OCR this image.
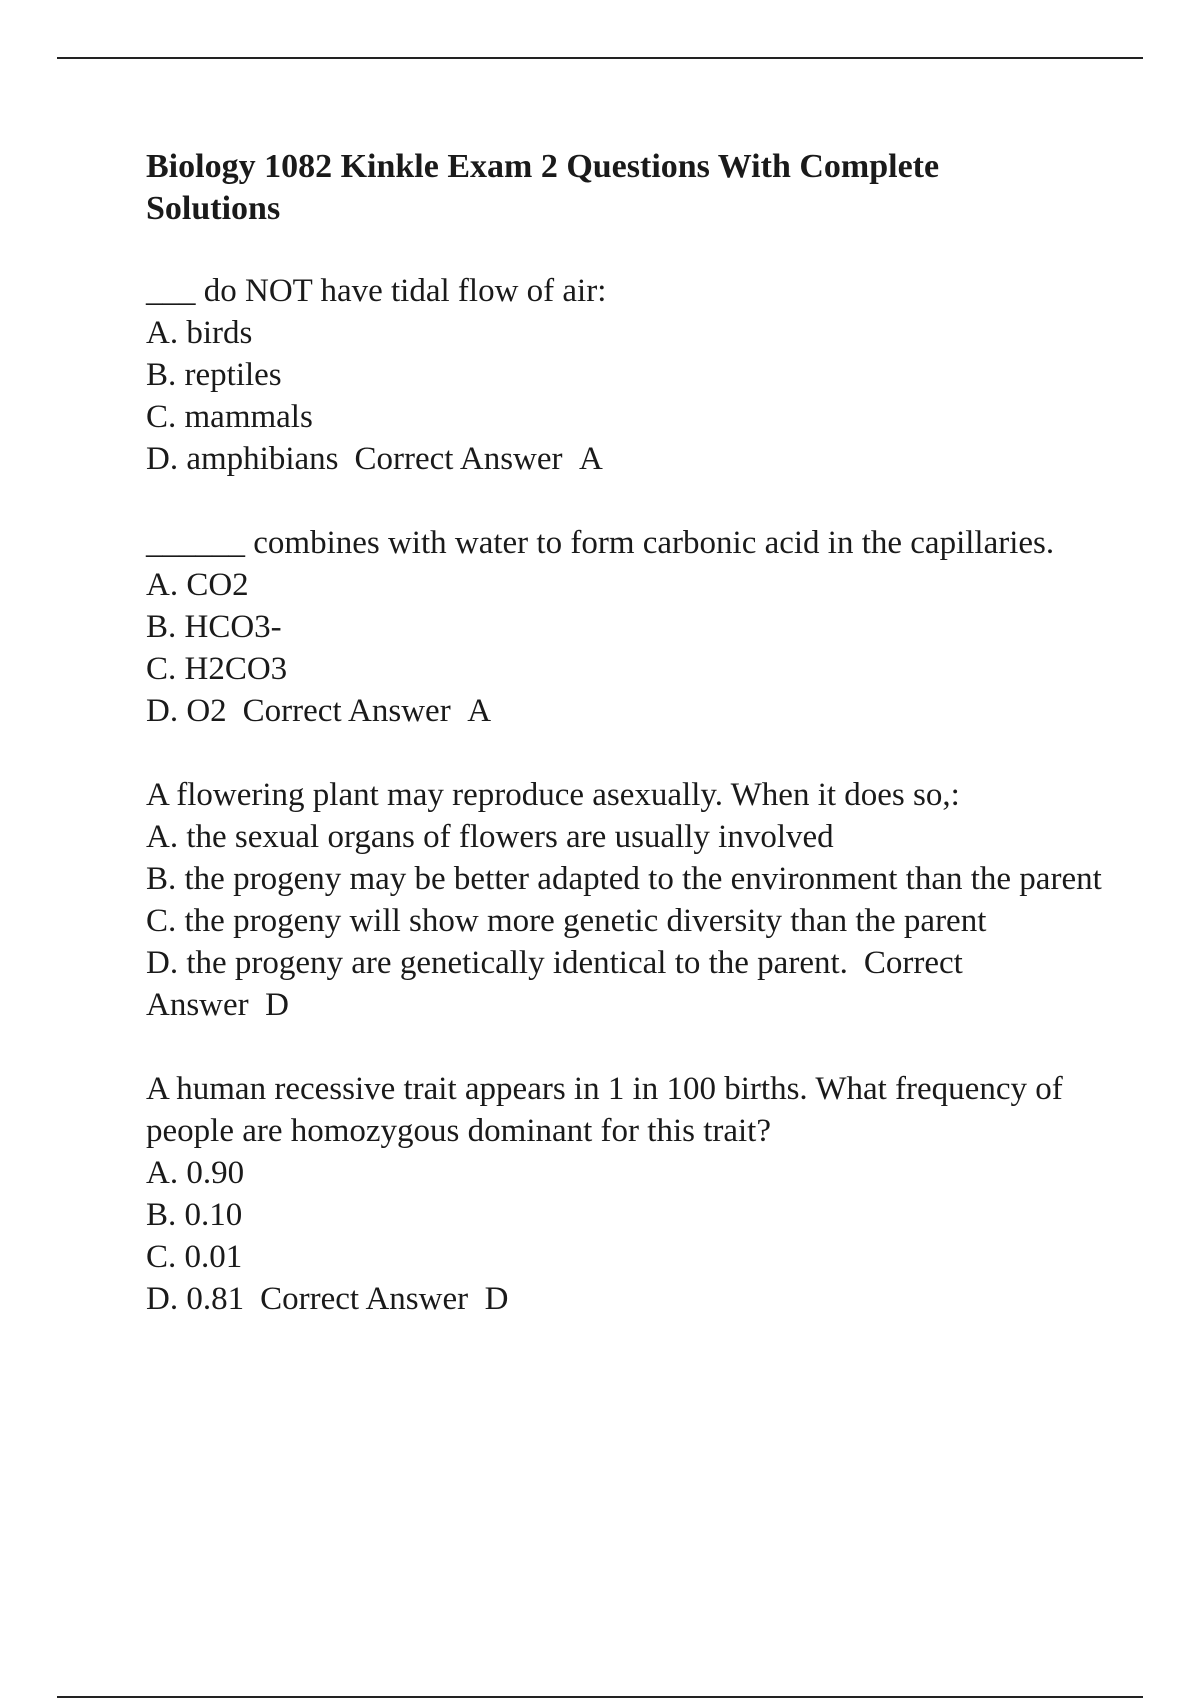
Biology 1082 Kinkle Exam 2 Questions With Complete Solutions

___ do NOT have tidal flow of air:

A. birds

B. reptiles

C. mammals

D. amphibians Correct Answer A

______ combines with water to form carbonic acid in the capillaries.

A. CO2

B. HCO3-

C. H2CO3

D. O2 Correct Answer A

A flowering plant may reproduce asexually. When it does so,:

A. the sexual organs of flowers are usually involved

B. the progeny may be better adapted to the environment than the parent

C. the progeny will show more genetic diversity than the parent

D. the progeny are genetically identical to the parent. Correct Answer D

A human recessive trait appears in 1 in 100 births. What frequency of people are homozygous dominant for this trait?

A. 0.90

B. 0.10

C. 0.01

D. 0.81 Correct Answer D
